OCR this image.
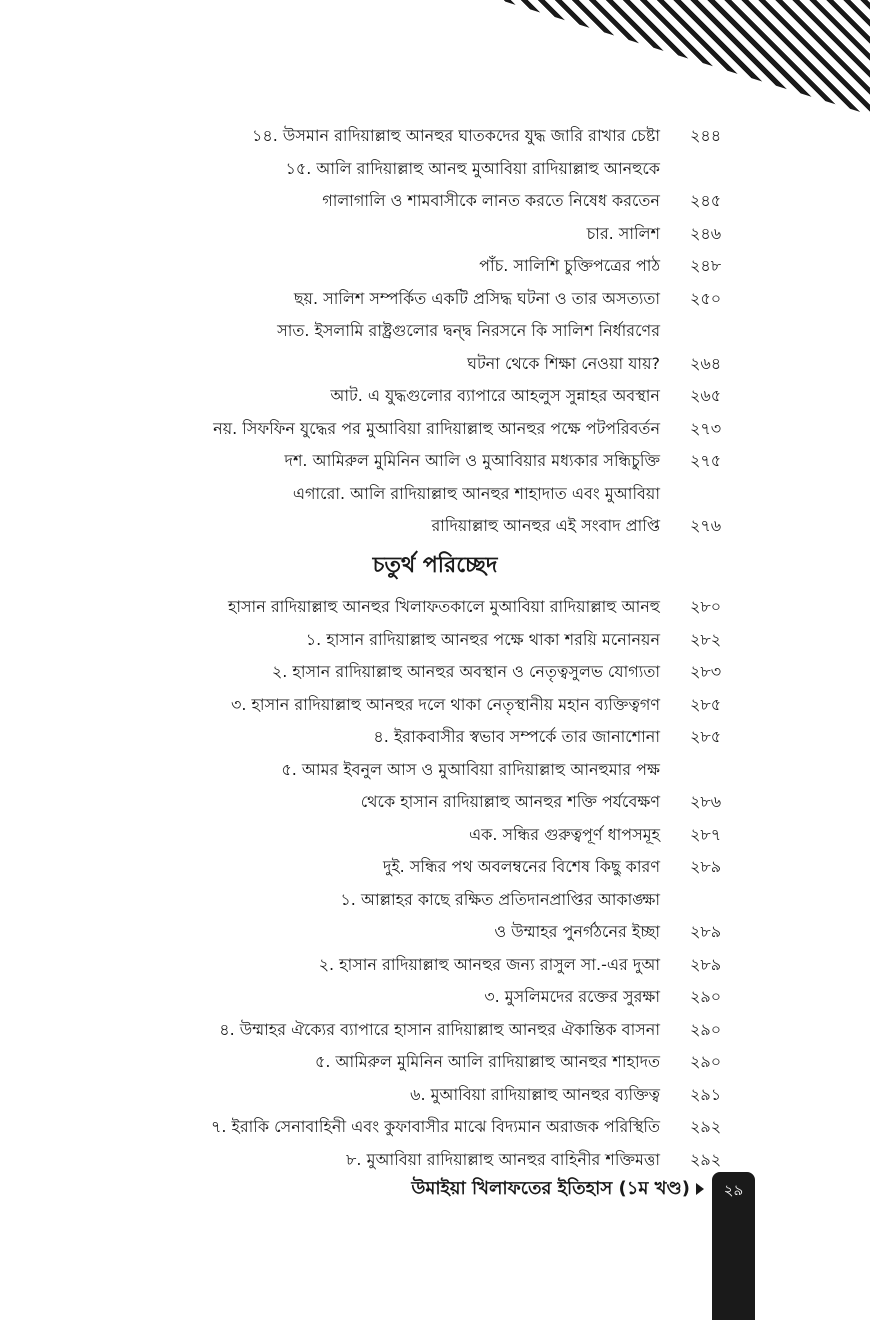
১৪. উসমান রাদিয়াল্লাহু আনহুর ঘাতকদের যুদ্ধ জারি রাখার চেষ্টা ২৪৪
১৫. আলি রাদিয়াল্লাহু আনহু মুআবিয়া রাদিয়াল্লাহু আনহুকে
গালাগালি ও শামবাসীকে লানত করতে নিষেধ করতেন ২৪৫
চার. সালিশ ২৪৬
পাঁচ. সালিশি চুক্তিপত্রের পাঠ ২৪৮
ছয়. সালিশ সম্পর্কিত একটি প্রসিদ্ধ ঘটনা ও তার অসত্যতা ২৫০
সাত. ইসলামি রাষ্ট্রগুলোর দ্বন্দ্ব নিরসনে কি সালিশ নির্ধারণের
ঘটনা থেকে শিক্ষা নেওয়া যায়? ২৬৪
আট. এ যুদ্ধগুলোর ব্যাপারে আহলুস সুন্নাহর অবস্থান ২৬৫
নয়. সিফফিন যুদ্ধের পর মুআবিয়া রাদিয়াল্লাহু আনহুর পক্ষে পটপরিবর্তন ২৭৩
দশ. আমিরুল মুমিনিন আলি ও মুআবিয়ার মধ্যকার সন্ধিচুক্তি ২৭৫
এগারো. আলি রাদিয়াল্লাহু আনহুর শাহাদাত এবং মুআবিয়া
রাদিয়াল্লাহু আনহুর এই সংবাদ প্রাপ্তি ২৭৬
হাসান রাদিয়াল্লাহু আনহুর খিলাফতকালে মুআবিয়া রাদিয়াল্লাহু আনহু ২৮০
১. হাসান রাদিয়াল্লাহু আনহুর পক্ষে থাকা শরয়ি মনোনয়ন ২৮২
২. হাসান রাদিয়াল্লাহু আনহুর অবস্থান ও নেতৃত্বসুলভ যোগ্যতা ২৮৩
৩. হাসান রাদিয়াল্লাহু আনহুর দলে থাকা নেতৃস্থানীয় মহান ব্যক্তিত্বগণ ২৮৫
৪. ইরাকবাসীর স্বভাব সম্পর্কে তার জানাশোনা ২৮৫
৫. আমর ইবনুল আস ও মুআবিয়া রাদিয়াল্লাহু আনহুমার পক্ষ
থেকে হাসান রাদিয়াল্লাহু আনহুর শক্তি পর্যবেক্ষণ ২৮৬
এক. সন্ধির গুরুত্বপূর্ণ ধাপসমূহ ২৮৭
দুই. সন্ধির পথ অবলম্বনের বিশেষ কিছু কারণ ২৮৯
১. আল্লাহর কাছে রক্ষিত প্রতিদানপ্রাপ্তির আকাঙ্ক্ষা
ও উম্মাহর পুনর্গঠনের ইচ্ছা ২৮৯
২. হাসান রাদিয়াল্লাহু আনহুর জন্য রাসুল সা.-এর দুআ ২৮৯
৩. মুসলিমদের রক্তের সুরক্ষা ২৯০
৪. উম্মাহর ঐক্যের ব্যাপারে হাসান রাদিয়াল্লাহু আনহুর ঐকান্তিক বাসনা ২৯০
৫. আমিরুল মুমিনিন আলি রাদিয়াল্লাহু আনহুর শাহাদত ২৯০
৬. মুআবিয়া রাদিয়াল্লাহু আনহুর ব্যক্তিত্ব ২৯১
৭. ইরাকি সেনাবাহিনী এবং কুফাবাসীর মাঝে বিদ্যমান অরাজক পরিস্থিতি ২৯২
৮. মুআবিয়া রাদিয়াল্লাহু আনহুর বাহিনীর শক্তিমত্তা ২৯২
চতুর্থ পরিচ্ছেদ
উমাইয়া খিলাফতের ইতিহাস (১ম খণ্ড)	২৯
